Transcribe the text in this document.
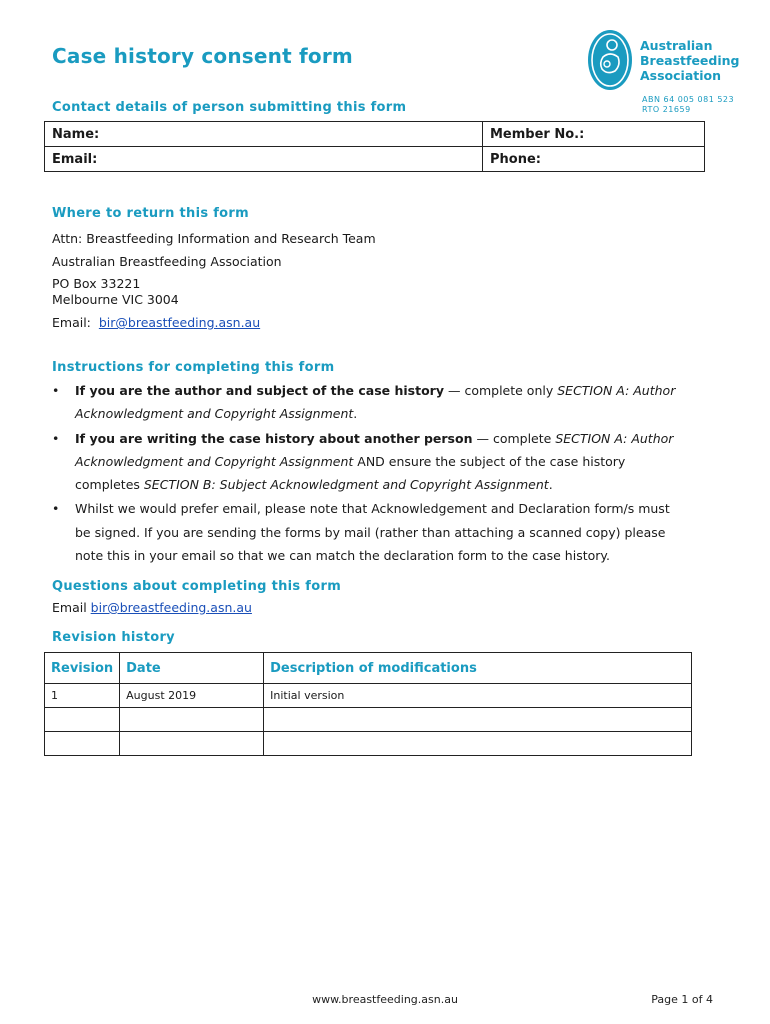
Case history consent form	Australian
Breastfeeding
Association
ABN 64 005 081 523
RTO 21659
Contact details of person submitting this form
Name:	Member No.:
Email:	Phone:
Where to return this form

Attn: Breastfeeding Information and Research Team

Australian Breastfeeding Association

PO Box 33221

Melbourne VIC 3004

Email: bir@breastfeeding.asn.au

Instructions for completing this form
• If you are the author and subject of the case history — complete only SECTION A: Author
Acknowledgment and Copyright Assignment.
• If you are writing the case history about another person — complete SECTION A: Author
Acknowledgment and Copyright Assignment AND ensure the subject of the case history
completes SECTION B: Subject Acknowledgment and Copyright Assignment.
• Whilst we would prefer email, please note that Acknowledgement and Declaration form/s must
be signed. If you are sending the forms by mail (rather than attaching a scanned copy) please
note this in your email so that we can match the declaration form to the case history.
Questions about completing this form

Email bir@breastfeeding.asn.au

Revision history
Revision	Date	Description of modifications
1	August 2019	Initial version

www.breastfeeding.asn.au	Page 1 of 4
